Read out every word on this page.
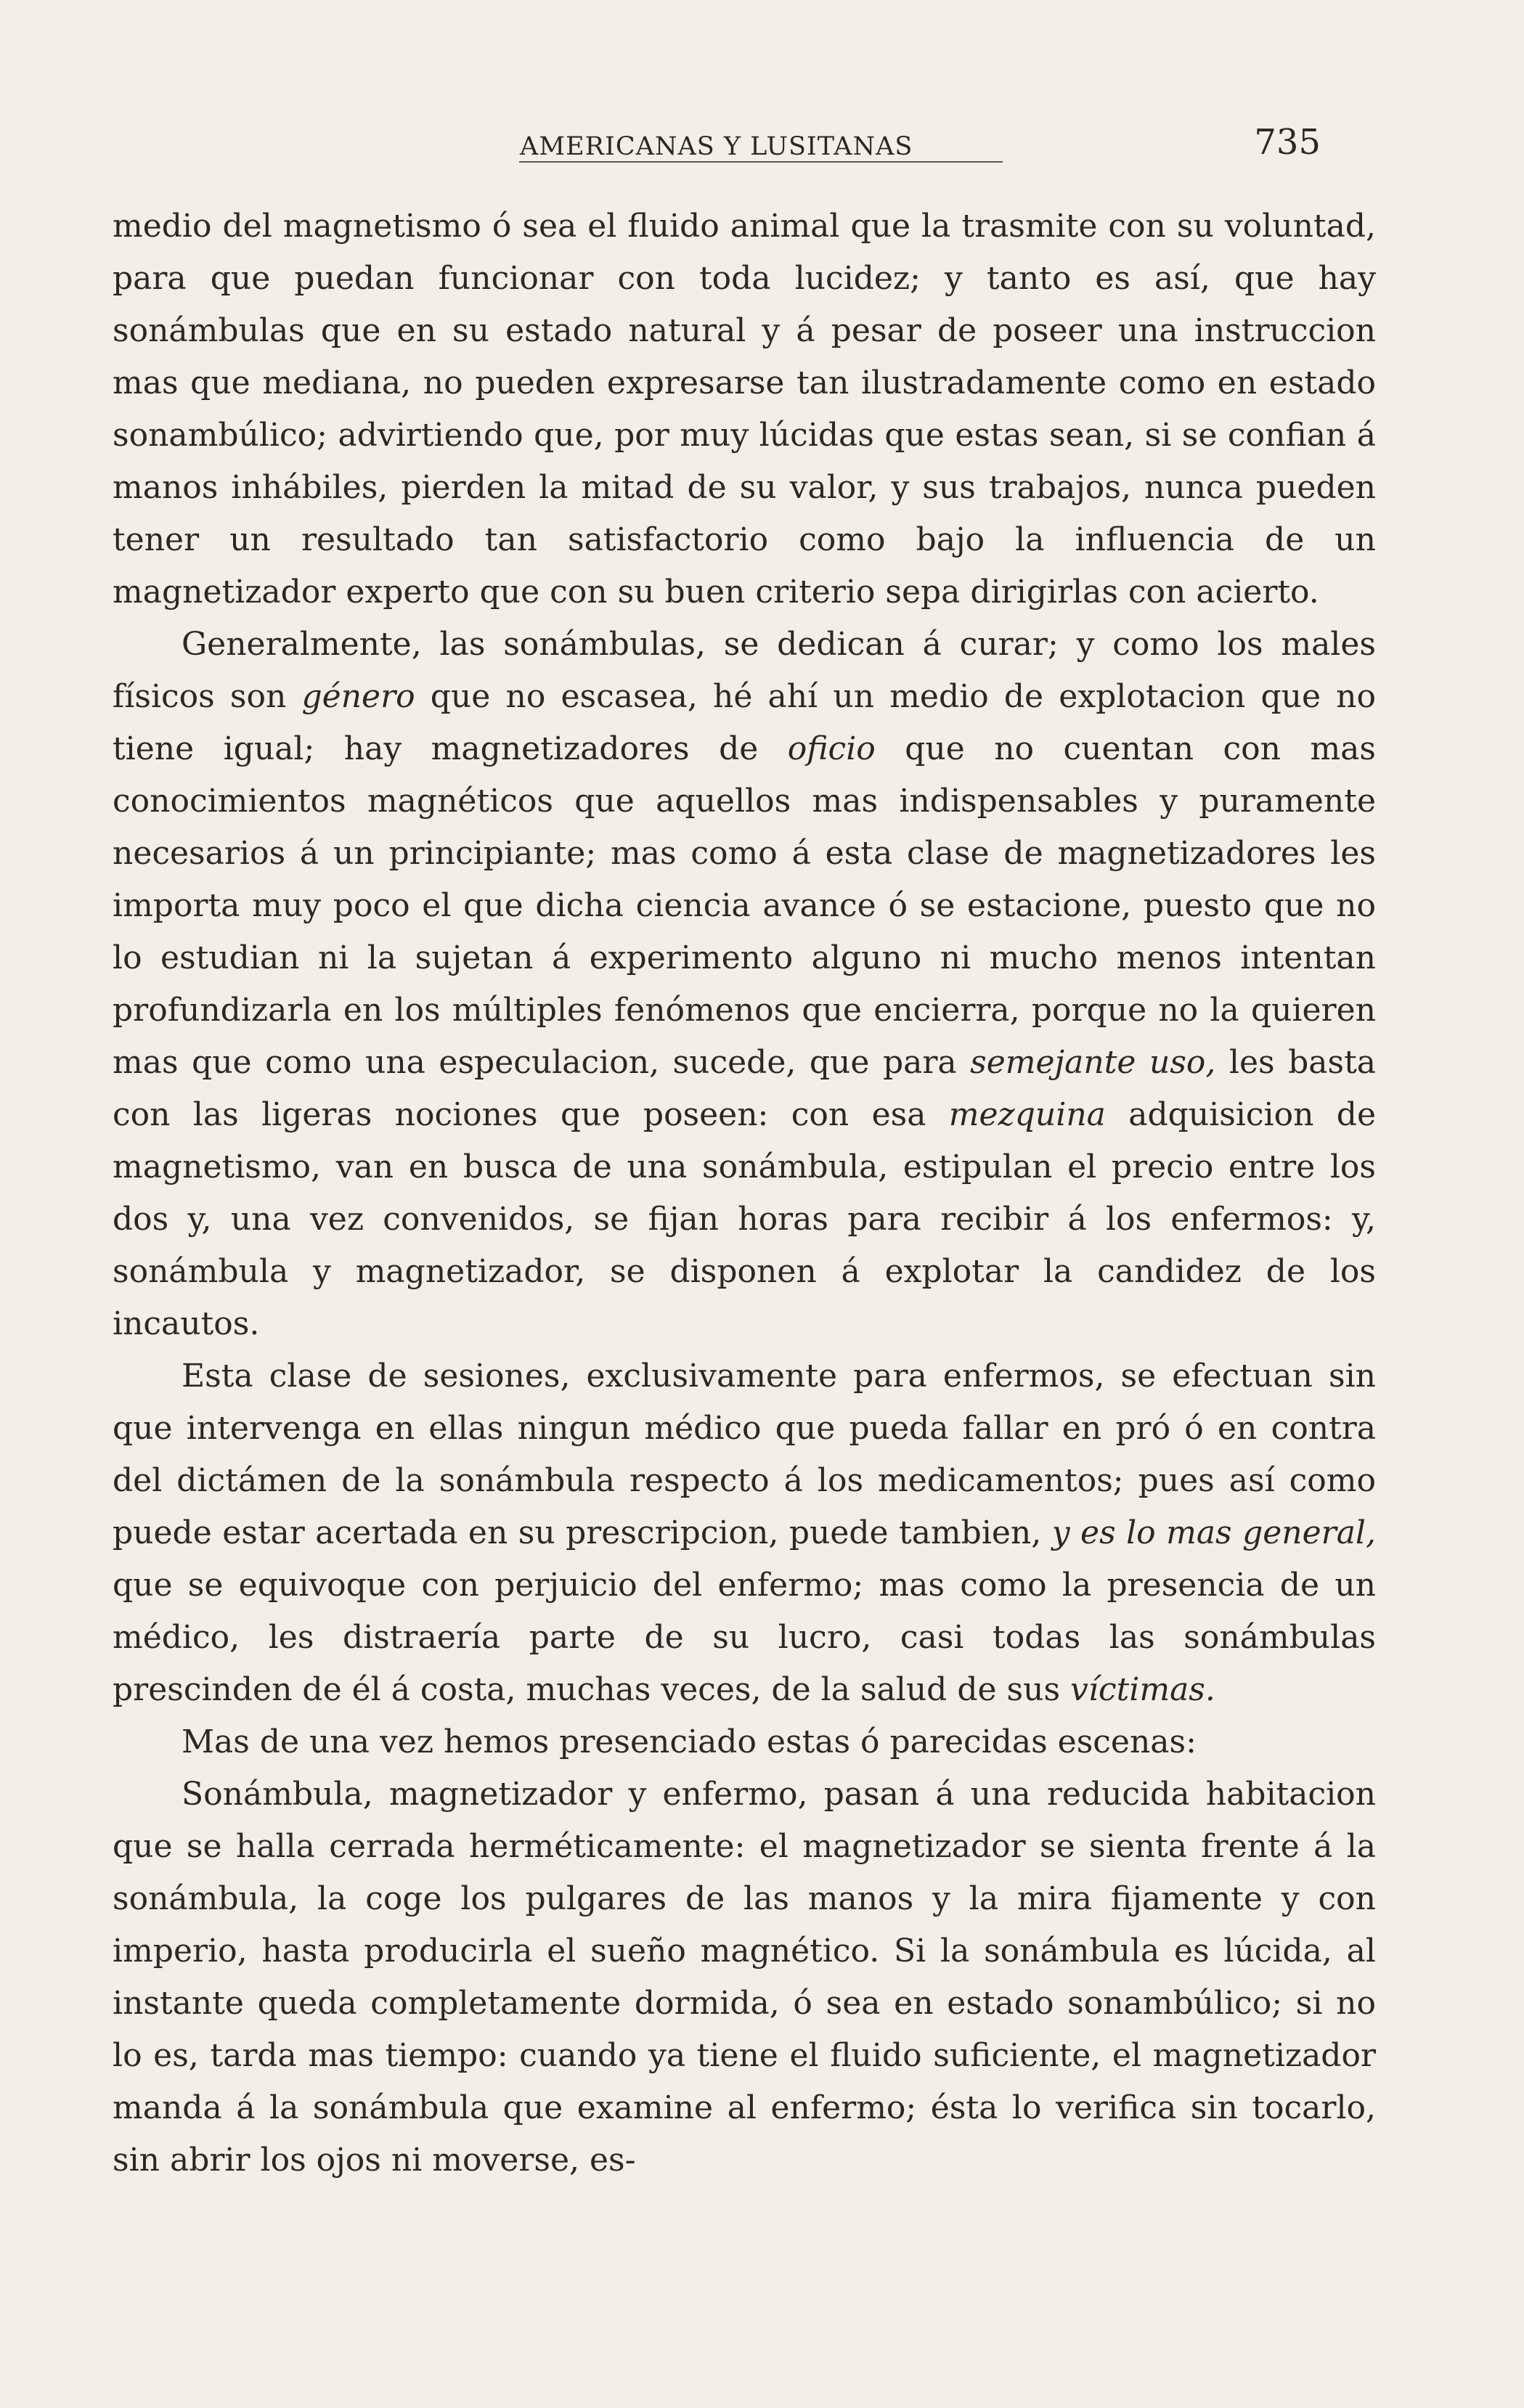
AMERICANAS Y LUSITANAS	735

medio del magnetismo ó sea el fluido animal que la trasmite con su voluntad, para que puedan funcionar con toda lucidez; y tanto es así, que hay sonámbulas que en su estado natural y á pesar de poseer una instruccion mas que mediana, no pueden expresarse tan ilustradamente como en estado sonambúlico; advirtiendo que, por muy lúcidas que estas sean, si se confian á manos inhábiles, pierden la mitad de su valor, y sus trabajos, nunca pueden tener un resultado tan satisfactorio como bajo la influencia de un magnetizador experto que con su buen criterio sepa dirigirlas con acierto.

Generalmente, las sonámbulas, se dedican á curar; y como los males físicos son género que no escasea, hé ahí un medio de explotacion que no tiene igual; hay magnetizadores de oficio que no cuentan con mas conocimientos magnéticos que aquellos mas indispensables y puramente necesarios á un principiante; mas como á esta clase de magnetizadores les importa muy poco el que dicha ciencia avance ó se estacione, puesto que no lo estudian ni la sujetan á experimento alguno ni mucho menos intentan profundizarla en los múltiples fenómenos que encierra, porque no la quieren mas que como una especulacion, sucede, que para semejante uso, les basta con las ligeras nociones que poseen: con esa mezquina adquisicion de magnetismo, van en busca de una sonámbula, estipulan el precio entre los dos y, una vez convenidos, se fijan horas para recibir á los enfermos: y, sonámbula y magnetizador, se disponen á explotar la candidez de los incautos.

Esta clase de sesiones, exclusivamente para enfermos, se efectuan sin que intervenga en ellas ningun médico que pueda fallar en pró ó en contra del dictámen de la sonámbula respecto á los medicamentos; pues así como puede estar acertada en su prescripcion, puede tambien, y es lo mas general, que se equivoque con perjuicio del enfermo; mas como la presencia de un médico, les distraería parte de su lucro, casi todas las sonámbulas prescinden de él á costa, muchas veces, de la salud de sus víctimas.

Mas de una vez hemos presenciado estas ó parecidas escenas:

Sonámbula, magnetizador y enfermo, pasan á una reducida habitacion que se halla cerrada herméticamente: el magnetizador se sienta frente á la sonámbula, la coge los pulgares de las manos y la mira fijamente y con imperio, hasta producirla el sueño magnético. Si la sonámbula es lúcida, al instante queda completamente dormida, ó sea en estado sonambúlico; si no lo es, tarda mas tiempo: cuando ya tiene el fluido suficiente, el magnetizador manda á la sonámbula que examine al enfermo; ésta lo verifica sin tocarlo, sin abrir los ojos ni moverse, es-
